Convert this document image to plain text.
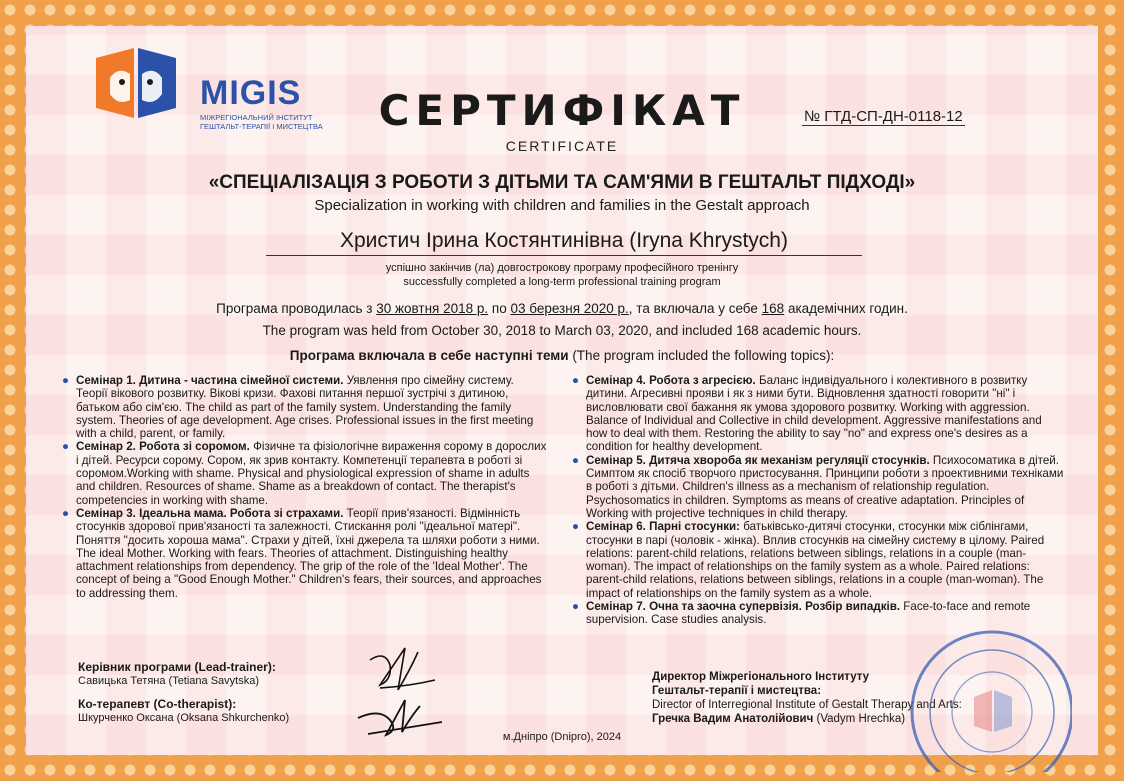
MIGIS
МІЖРЕГІОНАЛЬНИЙ ІНСТИТУТ
ГЕШТАЛЬТ-ТЕРАПІЇ І МИСТЕЦТВА	СЕРТИФІКАТ
CERTIFICATE
№ ГТД-СП-ДН-0118-12
«СПЕЦІАЛІЗАЦІЯ З РОБОТИ З ДІТЬМИ ТА САМ'ЯМИ В ГЕШТАЛЬТ ПІДХОДІ»
Specialization in working with children and families in the Gestalt approach
Христич Ірина Костянтинівна (Iryna Khrystych)
успішно закінчив (ла) довгострокову програму професійного тренінгу
successfully completed a long-term professional training program
Програма проводилась з 30 жовтня 2018 р. по 03 березня 2020 р., та включала у себе 168 академічних годин.
The program was held from October 30, 2018 to March 03, 2020, and included 168 academic hours.
Програма включала в себе наступні теми (The program included the following topics):
● Семінар 1. Дитина - частина сімейної системи. Уявлення про сімейну систему. Теорії вікового розвитку. Вікові кризи. Фахові питання першої зустрічі з дитиною, батьком або сім'єю. The child as part of the family system. Understanding the family system. Theories of age development. Age crises. Professional issues in the first meeting with a child, parent, or family.
● Семінар 2. Робота зі соромом. Фізичне та фізіологічне вираження сорому в дорослих і дітей. Ресурси сорому. Сором, як зрив контакту. Компетенції терапевта в роботі зі соромом.Working with shame. Physical and physiological expression of shame in adults and children. Resources of shame. Shame as a breakdown of contact. The therapist's competencies in working with shame.
● Семінар 3. Ідеальна мама. Робота зі страхами. Теорії прив'язаності. Відмінність стосунків здорової прив'язаності та залежності. Стискання ролі "ідеальної матері". Поняття "досить хороша мама". Страхи у дітей, їхні джерела та шляхи роботи з ними. The ideal Mother. Working with fears. Theories of attachment. Distinguishing healthy attachment relationships from dependency. The grip of the role of the 'Ideal Mother'. The concept of being a "Good Enough Mother." Children's fears, their sources, and approaches to addressing them.
● Семінар 4. Робота з агресією. Баланс індивідуального і колективного в розвитку дитини. Агресивні прояви і як з ними бути. Відновлення здатності говорити "ні" і висловлювати свої бажання як умова здорового розвитку. Working with aggression. Balance of Individual and Collective in child development. Aggressive manifestations and how to deal with them. Restoring the ability to say "no" and express one's desires as a condition for healthy development.
● Семінар 5. Дитяча хвороба як механізм регуляції стосунків. Психосоматика в дітей. Симптом як спосіб творчого пристосування. Принципи роботи з проективними техніками в роботі з дітьми. Children's illness as a mechanism of relationship regulation. Psychosomatics in children. Symptoms as means of creative adaptation. Principles of Working with projective techniques in child therapy.
● Семінар 6. Парні стосунки: батьківсько-дитячі стосунки, стосунки між сіблінгами, стосунки в парі (чоловік - жінка). Вплив стосунків на сімейну систему в цілому. Paired relations: parent-child relations, relations between siblings, relations in a couple (man-woman). The impact of relationships on the family system as a whole. Paired relations: parent-child relations, relations between siblings, relations in a couple (man-woman). The impact of relationships on the family system as a whole.
● Семінар 7. Очна та заочна супервізія. Розбір випадків. Face-to-face and remote supervision. Case studies analysis.
Керівник програми (Lead-trainer):
Савицька Тетяна (Tetiana Savytska)
Ко-терапевт (Co-therapist):
Шкурченко Оксана (Oksana Shkurchenko)
Директор Міжрегіонального Інституту
Гештальт-терапії і мистецтва:
Director of Interregional Institute of Gestalt Therapy and Arts:
Гречка Вадим Анатолійович (Vadym Hrechka)
м.Дніпро (Dnipro), 2024
